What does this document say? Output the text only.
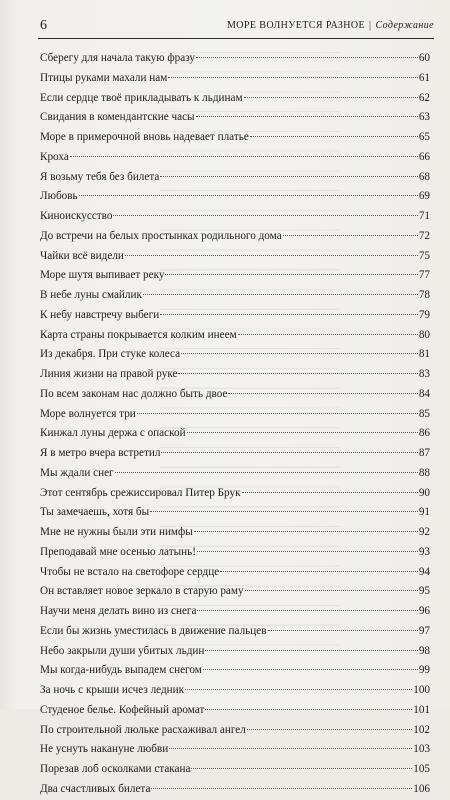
6	МОРЕ ВОЛНУЕТСЯ РАЗНОЕ | Содержание
Сберегу для начала такую фразу	60
Птицы руками махали нам	61
Если сердце твоё прикладывать к льдинам	62
Свидания в комендантские часы	63
Море в примерочной вновь надевает платье	65
Кроха	66
Я возьму тебя без билета	68
Любовь	69
Киноискусство	71
До встречи на белых простынках родильного дома	72
Чайки всё видели	75
Море шутя выпивает реку	77
В небе луны смайлик	78
К небу навстречу выбеги	79
Карта страны покрывается колким инеем	80
Из декабря. При стуке колеса	81
Линия жизни на правой руке	83
По всем законам нас должно быть двое	84
Море волнуется три	85
Кинжал луны держа с опаской	86
Я в метро вчера встретил	87
Мы ждали снег	88
Этот сентябрь срежиссировал Питер Брук	90
Ты замечаешь, хотя бы	91
Мне не нужны были эти нимфы	92
Преподавай мне осенью латынь!	93
Чтобы не встало на светофоре сердце	94
Он вставляет новое зеркало в старую раму	95
Научи меня делать вино из снега	96
Если бы жизнь уместилась в движение пальцев	97
Небо закрыли души убитых льдин	98
Мы когда-нибудь выпадем снегом	99
За ночь с крыши исчез ледник	100
Студеное белье. Кофейный аромат	101
По строительной люльке расхаживал ангел	102
Не уснуть накануне любви	103
Порезав лоб осколками стакана	105
Два счастливых билета	106
